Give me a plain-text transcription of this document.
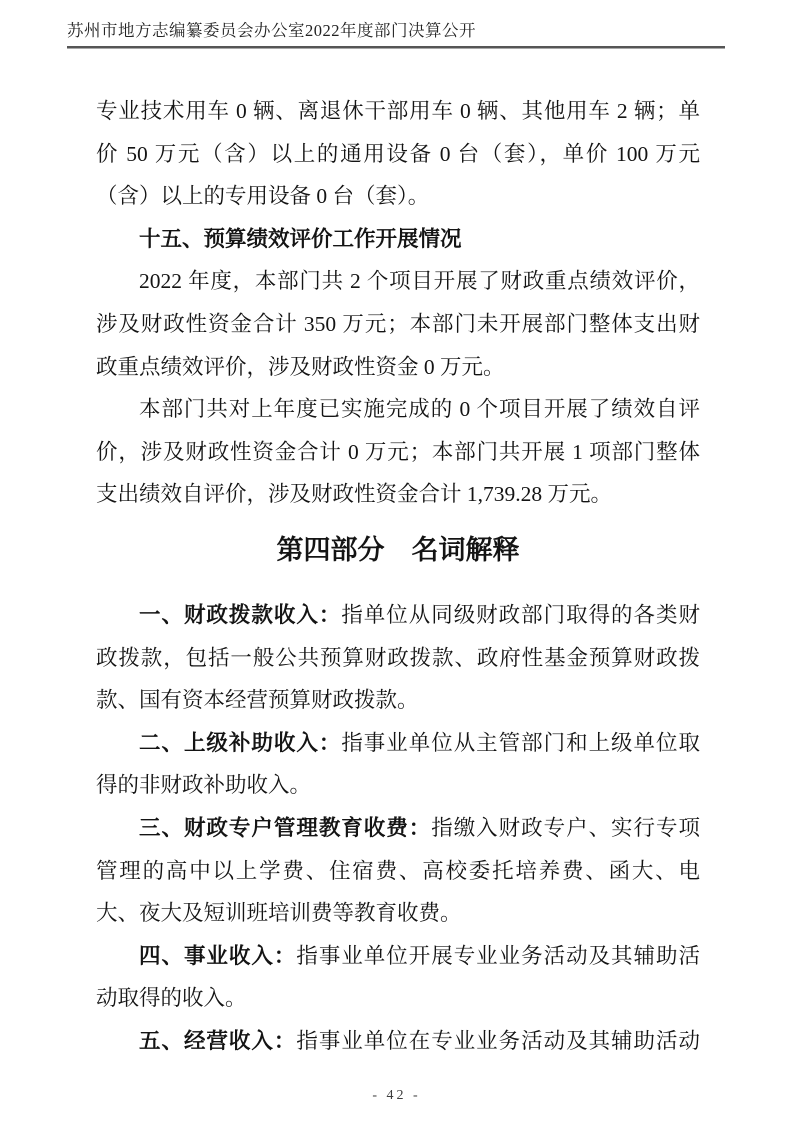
苏州市地方志编纂委员会办公室2022年度部门决算公开
专业技术用车 0 辆、离退休干部用车 0 辆、其他用车 2 辆；单
价 50 万元（含）以上的通用设备 0 台（套），单价 100 万元
（含）以上的专用设备 0 台（套）。
十五、预算绩效评价工作开展情况
2022 年度，本部门共 2 个项目开展了财政重点绩效评价，
涉及财政性资金合计 350 万元；本部门未开展部门整体支出财
政重点绩效评价，涉及财政性资金 0 万元。
本部门共对上年度已实施完成的 0 个项目开展了绩效自评
价，涉及财政性资金合计 0 万元；本部门共开展 1 项部门整体
支出绩效自评价，涉及财政性资金合计 1,739.28 万元。
第四部分　名词解释
一、财政拨款收入：指单位从同级财政部门取得的各类财
政拨款，包括一般公共预算财政拨款、政府性基金预算财政拨
款、国有资本经营预算财政拨款。
二、上级补助收入：指事业单位从主管部门和上级单位取
得的非财政补助收入。
三、财政专户管理教育收费：指缴入财政专户、实行专项
管理的高中以上学费、住宿费、高校委托培养费、函大、电
大、夜大及短训班培训费等教育收费。
四、事业收入：指事业单位开展专业业务活动及其辅助活
动取得的收入。
五、经营收入：指事业单位在专业业务活动及其辅助活动
- 42 -
